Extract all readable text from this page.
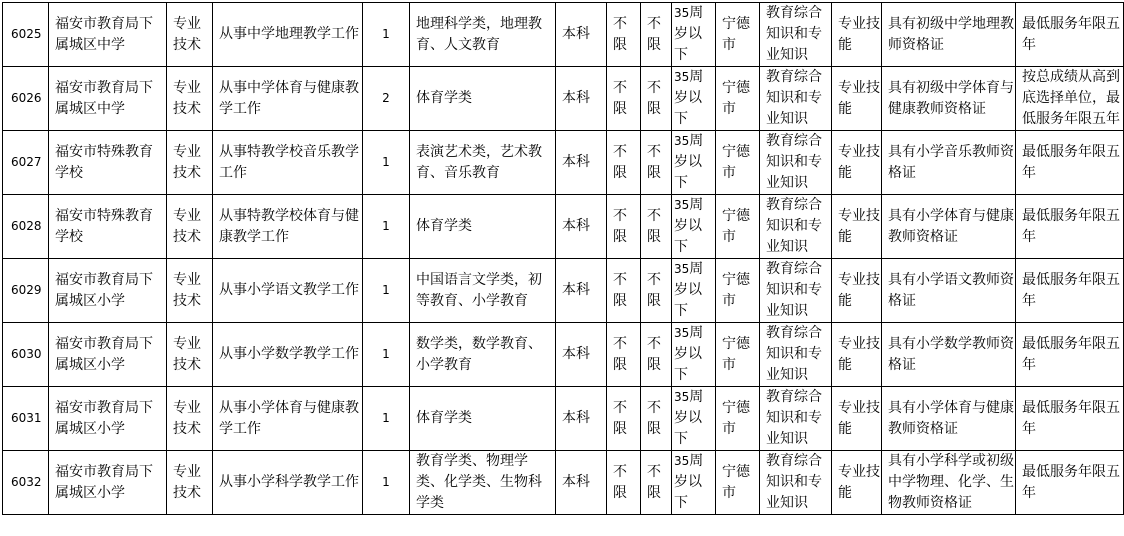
6025	福安市教育局下属城区中学	专业技术	从事中学地理教学工作	1	地理科学类，地理教育、人文教育	本科	不限	不限	35周岁以下	宁德市	教育综合知识和专业知识	专业技能	具有初级中学地理教师资格证	最低服务年限五年
6026	福安市教育局下属城区中学	专业技术	从事中学体育与健康教学工作	2	体育学类	本科	不限	不限	35周岁以下	宁德市	教育综合知识和专业知识	专业技能	具有初级中学体育与健康教师资格证	按总成绩从高到底选择单位，最低服务年限五年
6027	福安市特殊教育学校	专业技术	从事特教学校音乐教学工作	1	表演艺术类，艺术教育、音乐教育	本科	不限	不限	35周岁以下	宁德市	教育综合知识和专业知识	专业技能	具有小学音乐教师资格证	最低服务年限五年
6028	福安市特殊教育学校	专业技术	从事特教学校体育与健康教学工作	1	体育学类	本科	不限	不限	35周岁以下	宁德市	教育综合知识和专业知识	专业技能	具有小学体育与健康教师资格证	最低服务年限五年
6029	福安市教育局下属城区小学	专业技术	从事小学语文教学工作	1	中国语言文学类，初等教育、小学教育	本科	不限	不限	35周岁以下	宁德市	教育综合知识和专业知识	专业技能	具有小学语文教师资格证	最低服务年限五年
6030	福安市教育局下属城区小学	专业技术	从事小学数学教学工作	1	数学类，数学教育、小学教育	本科	不限	不限	35周岁以下	宁德市	教育综合知识和专业知识	专业技能	具有小学数学教师资格证	最低服务年限五年
6031	福安市教育局下属城区小学	专业技术	从事小学体育与健康教学工作	1	体育学类	本科	不限	不限	35周岁以下	宁德市	教育综合知识和专业知识	专业技能	具有小学体育与健康教师资格证	最低服务年限五年
6032	福安市教育局下属城区小学	专业技术	从事小学科学教学工作	1	教育学类、物理学类、化学类、生物科学类	本科	不限	不限	35周岁以下	宁德市	教育综合知识和专业知识	专业技能	具有小学科学或初级中学物理、化学、生物教师资格证	最低服务年限五年
